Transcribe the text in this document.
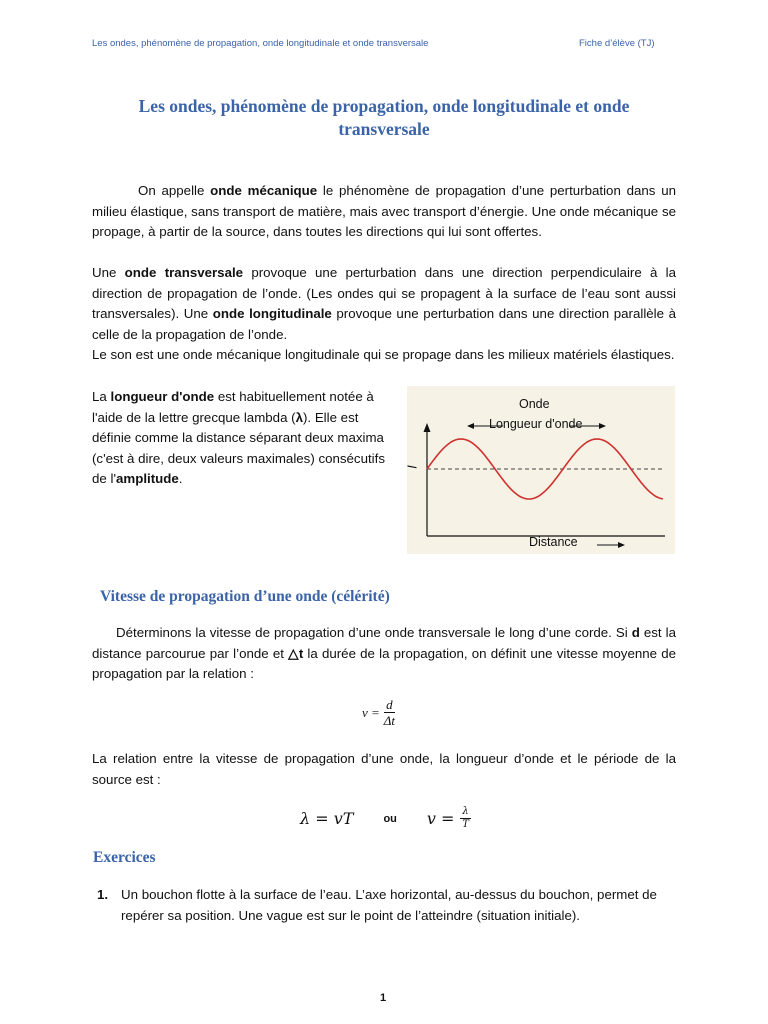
Les ondes, phénomène de propagation, onde longitudinale et onde transversale	Fiche d’élève (TJ)
Les ondes, phénomène de propagation, onde longitudinale et onde transversale

On appelle onde mécanique le phénomène de propagation d’une perturbation dans un milieu élastique, sans transport de matière, mais avec transport d’énergie. Une onde mécanique se propage, à partir de la source, dans toutes les directions qui lui sont offertes.

Une onde transversale provoque une perturbation dans une direction perpendiculaire à la direction de propagation de l’onde. (Les ondes qui se propagent à la surface de l’eau sont aussi transversales). Une onde longitudinale provoque une perturbation dans une direction parallèle à celle de la propagation de l’onde.

Le son est une onde mécanique longitudinale qui se propage dans les milieux matériels élastiques.

La longueur d'onde est habituellement notée à l'aide de la lettre grecque lambda (λ). Elle est définie comme la distance séparant deux maxima (c'est à dire, deux valeurs maximales) consécutifs de l'amplitude.

Onde
Longueur d'onde
Distance
I
Vitesse de propagation d’une onde (célérité)

Déterminons la vitesse de propagation d’une onde transversale le long d’une corde. Si d est la distance parcourue par l’onde et △t la durée de la propagation, on définit une vitesse moyenne de propagation par la relation :

$v = \frac{d}{\Delta t}$

La relation entre la vitesse de propagation d’une onde, la longueur d’onde et le période de la source est :

λ = vT	ou $v = \frac{\lambda}{T}$
Exercices
1. Un bouchon flotte à la surface de l’eau. L’axe horizontal, au-dessus du bouchon, permet de repérer sa position. Une vague est sur le point de l’atteindre (situation initiale).
1
